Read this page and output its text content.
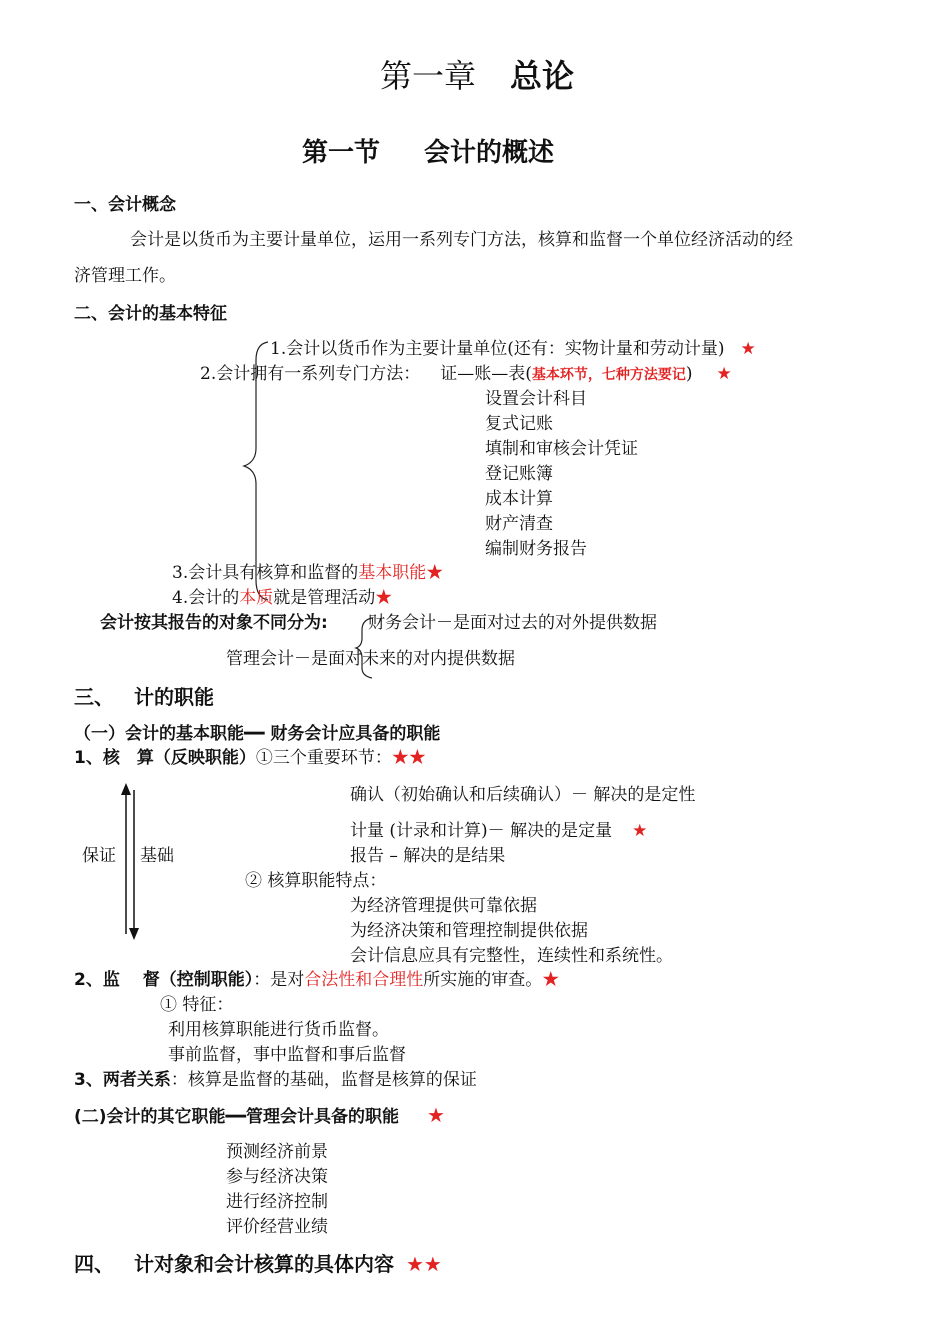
第一章 总论
第一节 会计的概述
一、会计概念
会计是以货币为主要计量单位，运用一系列专门方法，核算和监督一个单位经济活动的经
济管理工作。
二、会计的基本特征
1.会计以货币作为主要计量单位(还有：实物计量和劳动计量) ★
2.会计拥有一系列专门方法： 证—账—表(基本环节，七种方法要记) ★
设置会计科目
复式记账
填制和审核会计凭证
登记账簿
成本计算
财产清查
编制财务报告
3.会计具有核算和监督的基本职能★
4.会计的本质就是管理活动★
会计按其报告的对象不同分为: 财务会计－是面对过去的对外提供数据
管理会计－是面对未来的对内提供数据
三、 计的职能
（一）会计的基本职能━━ 财务会计应具备的职能
1、核　算（反映职能）①三个重要环节：★★
确认（初始确认和后续确认）－ 解决的是定性
计量 (计录和计算)－ 解决的是定量 ★
报告 – 解决的是结果
保证 基础
② 核算职能特点：
为经济管理提供可靠依据
为经济决策和管理控制提供依据
会计信息应具有完整性，连续性和系统性。
2、监　 督（控制职能）：是对合法性和合理性所实施的审查。★
① 特征：
利用核算职能进行货币监督。
事前监督，事中监督和事后监督
3、两者关系：核算是监督的基础，监督是核算的保证
(二)会计的其它职能━━管理会计具备的职能 ★
预测经济前景
参与经济决策
进行经济控制
评价经营业绩
四、 计对象和会计核算的具体内容 ★★
